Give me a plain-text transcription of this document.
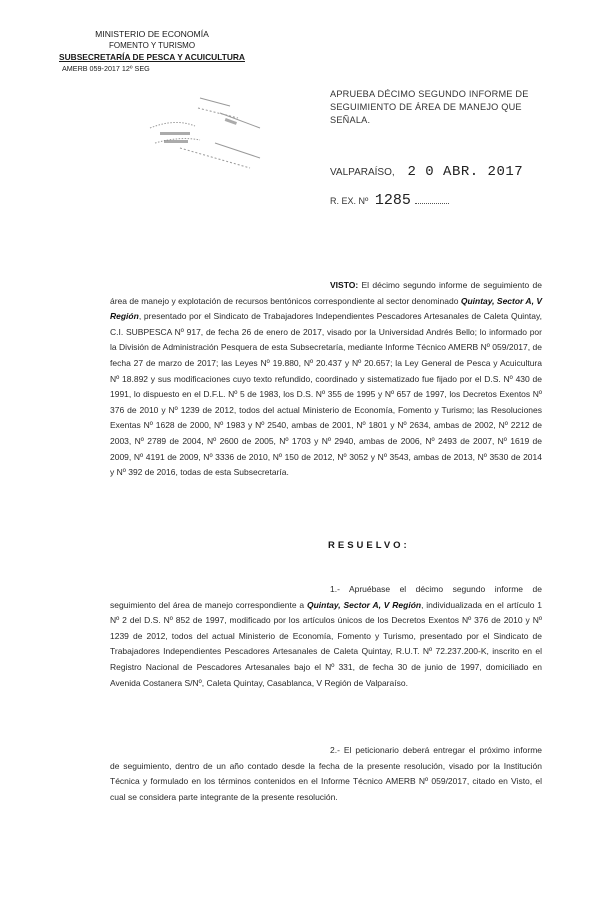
MINISTERIO DE ECONOMÍA
FOMENTO Y TURISMO
SUBSECRETARÍA DE PESCA Y ACUICULTURA
AMERB 059-2017 12º SEG
APRUEBA DÉCIMO SEGUNDO INFORME DE SEGUIMIENTO DE ÁREA DE MANEJO QUE SEÑALA.
VALPARAÍSO, 2 0 ABR. 2017
R. EX. Nº 1285
VISTO: El décimo segundo informe de seguimiento de área de manejo y explotación de recursos bentónicos correspondiente al sector denominado Quintay, Sector A, V Región, presentado por el Sindicato de Trabajadores Independientes Pescadores Artesanales de Caleta Quintay, C.I. SUBPESCA Nº 917, de fecha 26 de enero de 2017, visado por la Universidad Andrés Bello; lo informado por la División de Administración Pesquera de esta Subsecretaría, mediante Informe Técnico AMERB Nº 059/2017, de fecha 27 de marzo de 2017; las Leyes Nº 19.880, Nº 20.437 y Nº 20.657; la Ley General de Pesca y Acuicultura Nº 18.892 y sus modificaciones cuyo texto refundido, coordinado y sistematizado fue fijado por el D.S. Nº 430 de 1991, lo dispuesto en el D.F.L. Nº 5 de 1983, los D.S. Nº 355 de 1995 y Nº 657 de 1997, los Decretos Exentos Nº 376 de 2010 y Nº 1239 de 2012, todos del actual Ministerio de Economía, Fomento y Turismo; las Resoluciones Exentas Nº 1628 de 2000, Nº 1983 y Nº 2540, ambas de 2001, Nº 1801 y Nº 2634, ambas de 2002, Nº 2212 de 2003, Nº 2789 de 2004, Nº 2600 de 2005, Nº 1703 y Nº 2940, ambas de 2006, Nº 2493 de 2007, Nº 1619 de 2009, Nº 4191 de 2009, Nº 3336 de 2010, Nº 150 de 2012, Nº 3052 y Nº 3543, ambas de 2013, Nº 3530 de 2014 y Nº 392 de 2016, todas de esta Subsecretaría.
RESUELVO:
1.- Apruébase el décimo segundo informe de seguimiento del área de manejo correspondiente a Quintay, Sector A, V Región, individualizada en el artículo 1 Nº 2 del D.S. Nº 852 de 1997, modificado por los artículos únicos de los Decretos Exentos Nº 376 de 2010 y Nº 1239 de 2012, todos del actual Ministerio de Economía, Fomento y Turismo, presentado por el Sindicato de Trabajadores Independientes Pescadores Artesanales de Caleta Quintay, R.U.T. Nº 72.237.200-K, inscrito en el Registro Nacional de Pescadores Artesanales bajo el Nº 331, de fecha 30 de junio de 1997, domiciliado en Avenida Costanera S/Nº, Caleta Quintay, Casablanca, V Región de Valparaíso.
2.- El peticionario deberá entregar el próximo informe de seguimiento, dentro de un año contado desde la fecha de la presente resolución, visado por la Institución Técnica y formulado en los términos contenidos en el Informe Técnico AMERB Nº 059/2017, citado en Visto, el cual se considera parte integrante de la presente resolución.
